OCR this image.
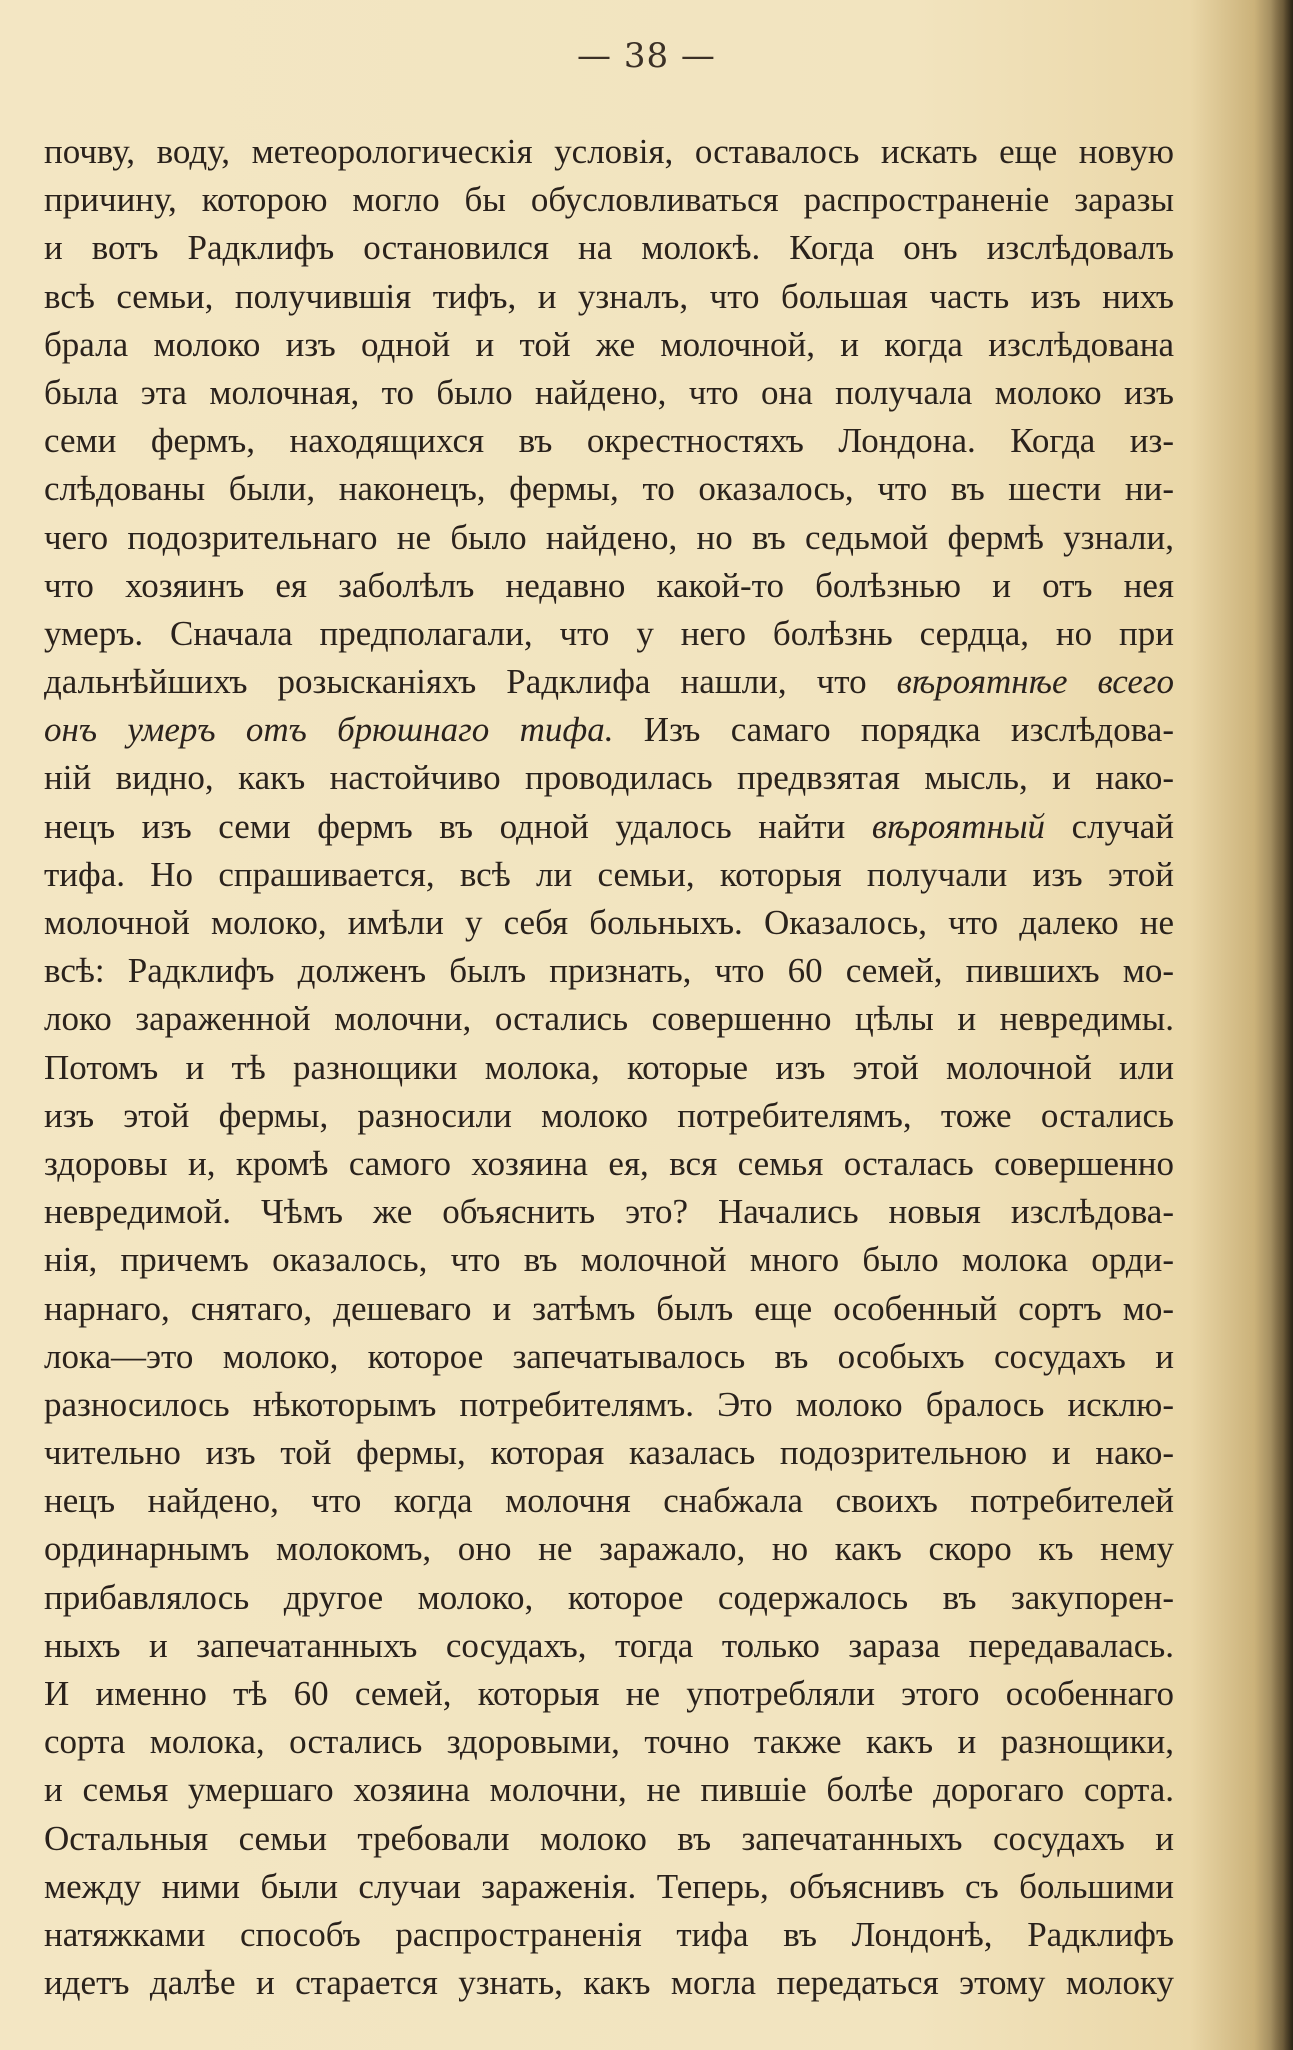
— 38 —
почву, воду, метеорологическія условія, оставалось искать еще новую
причину, которою могло бы обусловливаться распространеніе заразы
и вотъ Радклифъ остановился на молокѣ. Когда онъ изслѣдовалъ
всѣ семьи, получившія тифъ, и узналъ, что большая часть изъ нихъ
брала молоко изъ одной и той же молочной, и когда изслѣдована
была эта молочная, то было найдено, что она получала молоко изъ
семи фермъ, находящихся въ окрестностяхъ Лондона. Когда из-
слѣдованы были, наконецъ, фермы, то оказалось, что въ шести ни-
чего подозрительнаго не было найдено, но въ седьмой фермѣ узнали,
что хозяинъ ея заболѣлъ недавно какой-то болѣзнью и отъ нея
умеръ. Сначала предполагали, что у него болѣзнь сердца, но при
дальнѣйшихъ розысканіяхъ Радклифа нашли, что вѣроятнѣе всего
онъ умеръ отъ брюшнаго тифа. Изъ самаго порядка изслѣдова-
ній видно, какъ настойчиво проводилась предвзятая мысль, и нако-
нецъ изъ семи фермъ въ одной удалось найти вѣроятный случай
тифа. Но спрашивается, всѣ ли семьи, которыя получали изъ этой
молочной молоко, имѣли у себя больныхъ. Оказалось, что далеко не
всѣ: Радклифъ долженъ былъ признать, что 60 семей, пившихъ мо-
локо зараженной молочни, остались совершенно цѣлы и невредимы.
Потомъ и тѣ разнощики молока, которые изъ этой молочной или
изъ этой фермы, разносили молоко потребителямъ, тоже остались
здоровы и, кромѣ самого хозяина ея, вся семья осталась совершенно
невредимой. Чѣмъ же объяснить это? Начались новыя изслѣдова-
нія, причемъ оказалось, что въ молочной много было молока орди-
нарнаго, снятаго, дешеваго и затѣмъ былъ еще особенный сортъ мо-
лока—это молоко, которое запечатывалось въ особыхъ сосудахъ и
разносилось нѣкоторымъ потребителямъ. Это молоко бралось исклю-
чительно изъ той фермы, которая казалась подозрительною и нако-
нецъ найдено, что когда молочня снабжала своихъ потребителей
ординарнымъ молокомъ, оно не заражало, но какъ скоро къ нему
прибавлялось другое молоко, которое содержалось въ закупорен-
ныхъ и запечатанныхъ сосудахъ, тогда только зараза передавалась.
И именно тѣ 60 семей, которыя не употребляли этого особеннаго
сорта молока, остались здоровыми, точно также какъ и разнощики,
и семья умершаго хозяина молочни, не пившіе болѣе дорогаго сорта.
Остальныя семьи требовали молоко въ запечатанныхъ сосудахъ и
между ними были случаи зараженія. Теперь, объяснивъ съ большими
натяжками способъ распространенія тифа въ Лондонѣ, Радклифъ
идетъ далѣе и старается узнать, какъ могла передаться этому молоку
